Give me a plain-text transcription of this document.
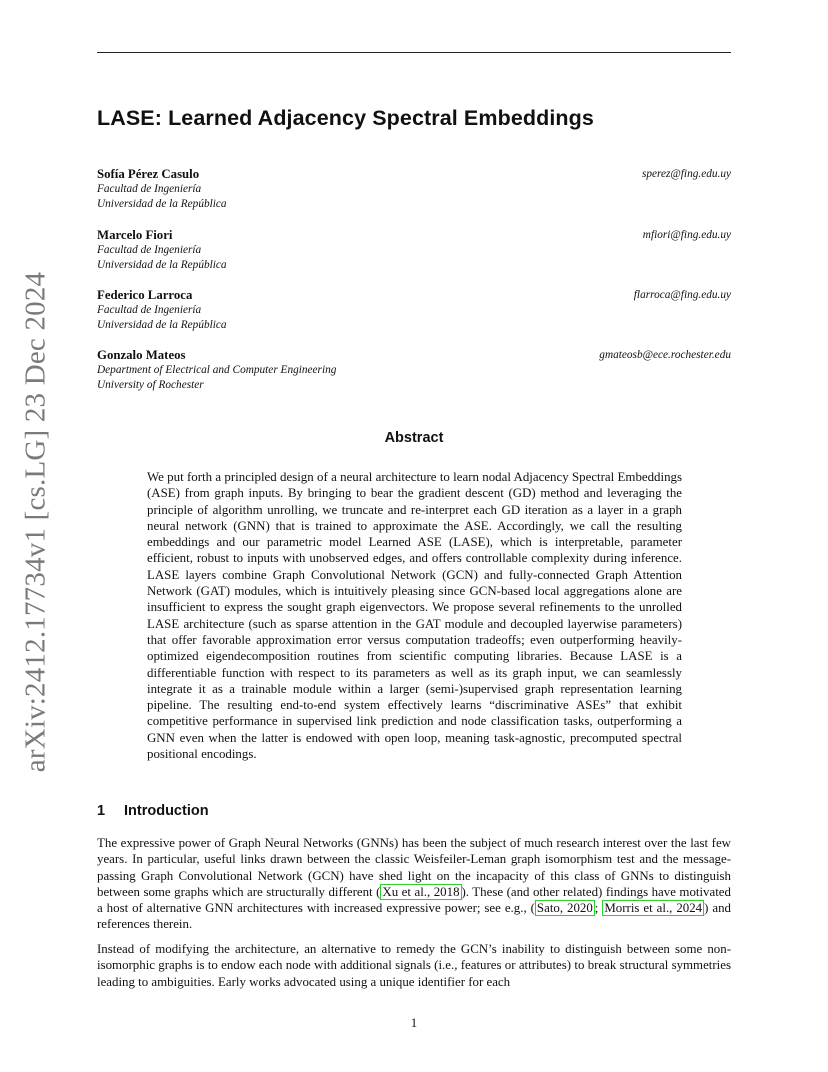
arXiv:2412.17734v1 [cs.LG] 23 Dec 2024
LASE: Learned Adjacency Spectral Embeddings
Sofía Pérez Casulo	sperez@fing.edu.uy
Facultad de Ingeniería
Universidad de la República
Marcelo Fiori	mfiori@fing.edu.uy
Facultad de Ingeniería
Universidad de la República
Federico Larroca	flarroca@fing.edu.uy
Facultad de Ingeniería
Universidad de la República
Gonzalo Mateos	gmateosb@ece.rochester.edu
Department of Electrical and Computer Engineering
University of Rochester
Abstract
We put forth a principled design of a neural architecture to learn nodal Adjacency Spectral Embeddings (ASE) from graph inputs. By bringing to bear the gradient descent (GD) method and leveraging the principle of algorithm unrolling, we truncate and re-interpret each GD iteration as a layer in a graph neural network (GNN) that is trained to approximate the ASE. Accordingly, we call the resulting embeddings and our parametric model Learned ASE (LASE), which is interpretable, parameter efficient, robust to inputs with unobserved edges, and offers controllable complexity during inference. LASE layers combine Graph Convolutional Network (GCN) and fully-connected Graph Attention Network (GAT) modules, which is intuitively pleasing since GCN-based local aggregations alone are insufficient to express the sought graph eigenvectors. We propose several refinements to the unrolled LASE architecture (such as sparse attention in the GAT module and decoupled layerwise parameters) that offer favorable approximation error versus computation tradeoffs; even outperforming heavily-optimized eigendecomposition routines from scientific computing libraries. Because LASE is a differentiable function with respect to its parameters as well as its graph input, we can seamlessly integrate it as a trainable module within a larger (semi-)supervised graph representation learning pipeline. The resulting end-to-end system effectively learns “discriminative ASEs” that exhibit competitive performance in supervised link prediction and node classification tasks, outperforming a GNN even when the latter is endowed with open loop, meaning task-agnostic, precomputed spectral positional encodings.
1 Introduction
The expressive power of Graph Neural Networks (GNNs) has been the subject of much research interest over the last few years. In particular, useful links drawn between the classic Weisfeiler-Leman graph isomorphism test and the message-passing Graph Convolutional Network (GCN) have shed light on the incapacity of this class of GNNs to distinguish between some graphs which are structurally different ( Xu et al., 2018 ). These (and other related) findings have motivated a host of alternative GNN architectures with increased expressive power; see e.g., ( Sato, 2020 ; Morris et al., 2024 ) and references therein.
Instead of modifying the architecture, an alternative to remedy the GCN’s inability to distinguish between some non-isomorphic graphs is to endow each node with additional signals (i.e., features or attributes) to break structural symmetries leading to ambiguities. Early works advocated using a unique identifier for each
1
